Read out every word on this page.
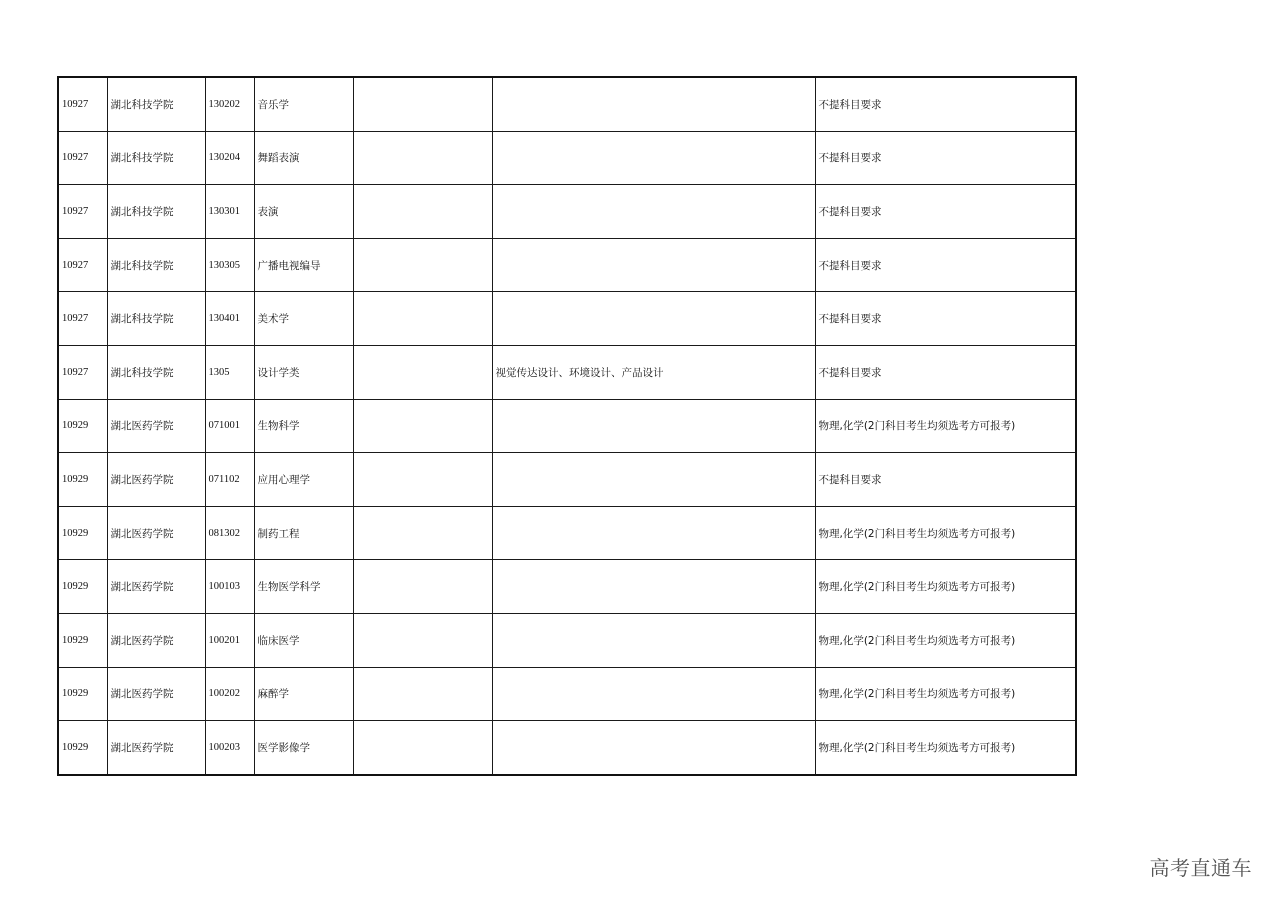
10927	湖北科技学院	130202	音乐学			不提科目要求
10927	湖北科技学院	130204	舞蹈表演			不提科目要求
10927	湖北科技学院	130301	表演			不提科目要求
10927	湖北科技学院	130305	广播电视编导			不提科目要求
10927	湖北科技学院	130401	美术学			不提科目要求
10927	湖北科技学院	1305	设计学类		视觉传达设计、环境设计、产品设计	不提科目要求
10929	湖北医药学院	071001	生物科学			物理,化学(2门科目考生均须选考方可报考)
10929	湖北医药学院	071102	应用心理学			不提科目要求
10929	湖北医药学院	081302	制药工程			物理,化学(2门科目考生均须选考方可报考)
10929	湖北医药学院	100103	生物医学科学			物理,化学(2门科目考生均须选考方可报考)
10929	湖北医药学院	100201	临床医学			物理,化学(2门科目考生均须选考方可报考)
10929	湖北医药学院	100202	麻醉学			物理,化学(2门科目考生均须选考方可报考)
10929	湖北医药学院	100203	医学影像学			物理,化学(2门科目考生均须选考方可报考)
高考直通车
